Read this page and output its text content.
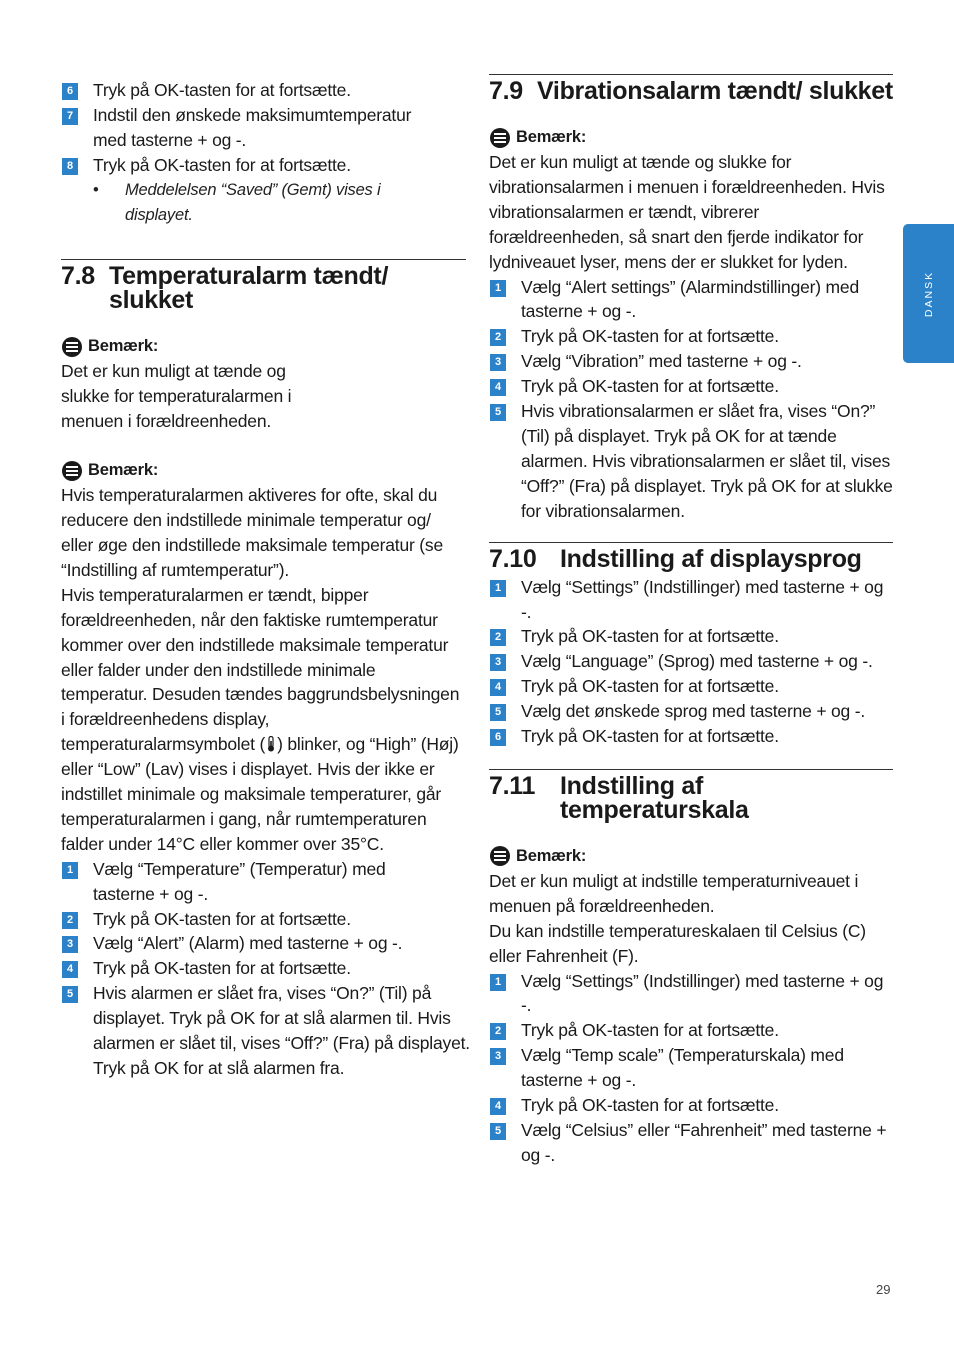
6 Tryk på OK-tasten for at fortsætte.
7 Indstil den ønskede maksimumtemperatur med tasterne + og -.
8 Tryk på OK-tasten for at fortsætte.
• Meddelelsen “Saved” (Gemt) vises i displayet.
7.8 Temperaturalarm tændt/ slukket
Bemærk:
Det er kun muligt at tænde og slukke for temperaturalarmen i menuen i forældreenheden.
Bemærk:
Hvis temperaturalarmen aktiveres for ofte, skal du reducere den indstillede minimale temperatur og/ eller øge den indstillede maksimale temperatur (se “Indstilling af rumtemperatur”).
Hvis temperaturalarmen er tændt, bipper forældreenheden, når den faktiske rumtemperatur kommer over den indstillede maksimale temperatur eller falder under den indstillede minimale temperatur. Desuden tændes baggrundsbelysningen i forældreenhedens display, temperaturalarmsymbolet ( ) blinker, og “High” (Høj) eller “Low” (Lav) vises i displayet. Hvis der ikke er indstillet minimale og maksimale temperaturer, går temperaturalarmen i gang, når rumtemperaturen falder under 14°C eller kommer over 35°C.
1 Vælg “Temperature” (Temperatur) med tasterne + og -.
2 Tryk på OK-tasten for at fortsætte.
3 Vælg “Alert” (Alarm) med tasterne + og -.
4 Tryk på OK-tasten for at fortsætte.
5 Hvis alarmen er slået fra, vises “On?” (Til) på displayet. Tryk på OK for at slå alarmen til. Hvis alarmen er slået til, vises “Off?” (Fra) på displayet. Tryk på OK for at slå alarmen fra.
7.9 Vibrationsalarm tændt/ slukket
Bemærk:
Det er kun muligt at tænde og slukke for vibrationsalarmen i menuen i forældreenheden. Hvis vibrationsalarmen er tændt, vibrerer forældreenheden, så snart den fjerde indikator for lydniveauet lyser, mens der er slukket for lyden.
1 Vælg “Alert settings” (Alarmindstillinger) med tasterne + og -.
2 Tryk på OK-tasten for at fortsætte.
3 Vælg “Vibration” med tasterne + og -.
4 Tryk på OK-tasten for at fortsætte.
5 Hvis vibrationsalarmen er slået fra, vises “On?” (Til) på displayet. Tryk på OK for at tænde alarmen. Hvis vibrationsalarmen er slået til, vises “Off?” (Fra) på displayet. Tryk på OK for at slukke for vibrationsalarmen.
7.10 Indstilling af displaysprog
1 Vælg “Settings” (Indstillinger) med tasterne + og -.
2 Tryk på OK-tasten for at fortsætte.
3 Vælg “Language” (Sprog) med tasterne + og -.
4 Tryk på OK-tasten for at fortsætte.
5 Vælg det ønskede sprog med tasterne + og -.
6 Tryk på OK-tasten for at fortsætte.
7.11 Indstilling af temperaturskala
Bemærk:
Det er kun muligt at indstille temperaturniveauet i menuen på forældreenheden.
Du kan indstille temperatureskalaen til Celsius (C) eller Fahrenheit (F).
1 Vælg “Settings” (Indstillinger) med tasterne + og -.
2 Tryk på OK-tasten for at fortsætte.
3 Vælg “Temp scale” (Temperaturskala) med tasterne + og -.
4 Tryk på OK-tasten for at fortsætte.
5 Vælg “Celsius” eller “Fahrenheit” med tasterne + og -.
DANSK
29
